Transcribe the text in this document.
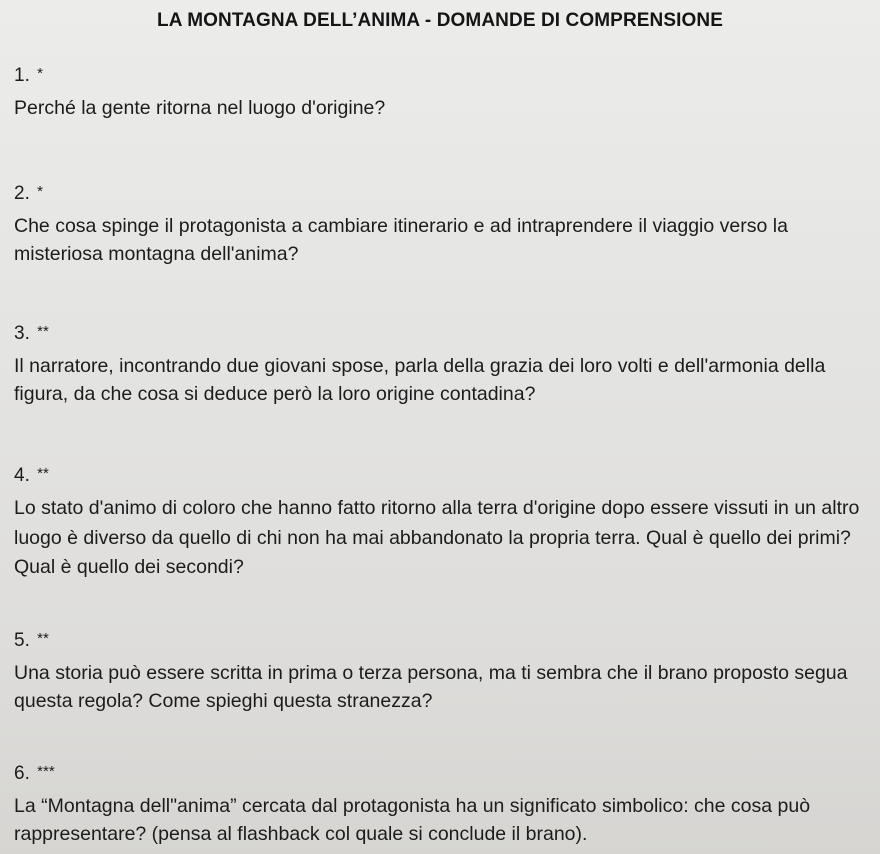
LA MONTAGNA DELL’ANIMA - DOMANDE DI COMPRENSIONE
1. *
Perché la gente ritorna nel luogo d'origine?
2. *
Che cosa spinge il protagonista a cambiare itinerario e ad intraprendere il viaggio verso la misteriosa montagna dell'anima?
3. **
Il narratore, incontrando due giovani spose, parla della grazia dei loro volti e dell'armonia della figura, da che cosa si deduce però la loro origine contadina?
4. **
Lo stato d'animo di coloro che hanno fatto ritorno alla terra d'origine dopo essere vissuti in un altro luogo è diverso da quello di chi non ha mai abbandonato la propria terra. Qual è quello dei primi? Qual è quello dei secondi?
5. **
Una storia può essere scritta in prima o terza persona, ma ti sembra che il brano proposto segua questa regola? Come spieghi questa stranezza?
6. ***
La “Montagna dell"anima” cercata dal protagonista ha un significato simbolico: che cosa può rappresentare? (pensa al flashback col quale si conclude il brano).
